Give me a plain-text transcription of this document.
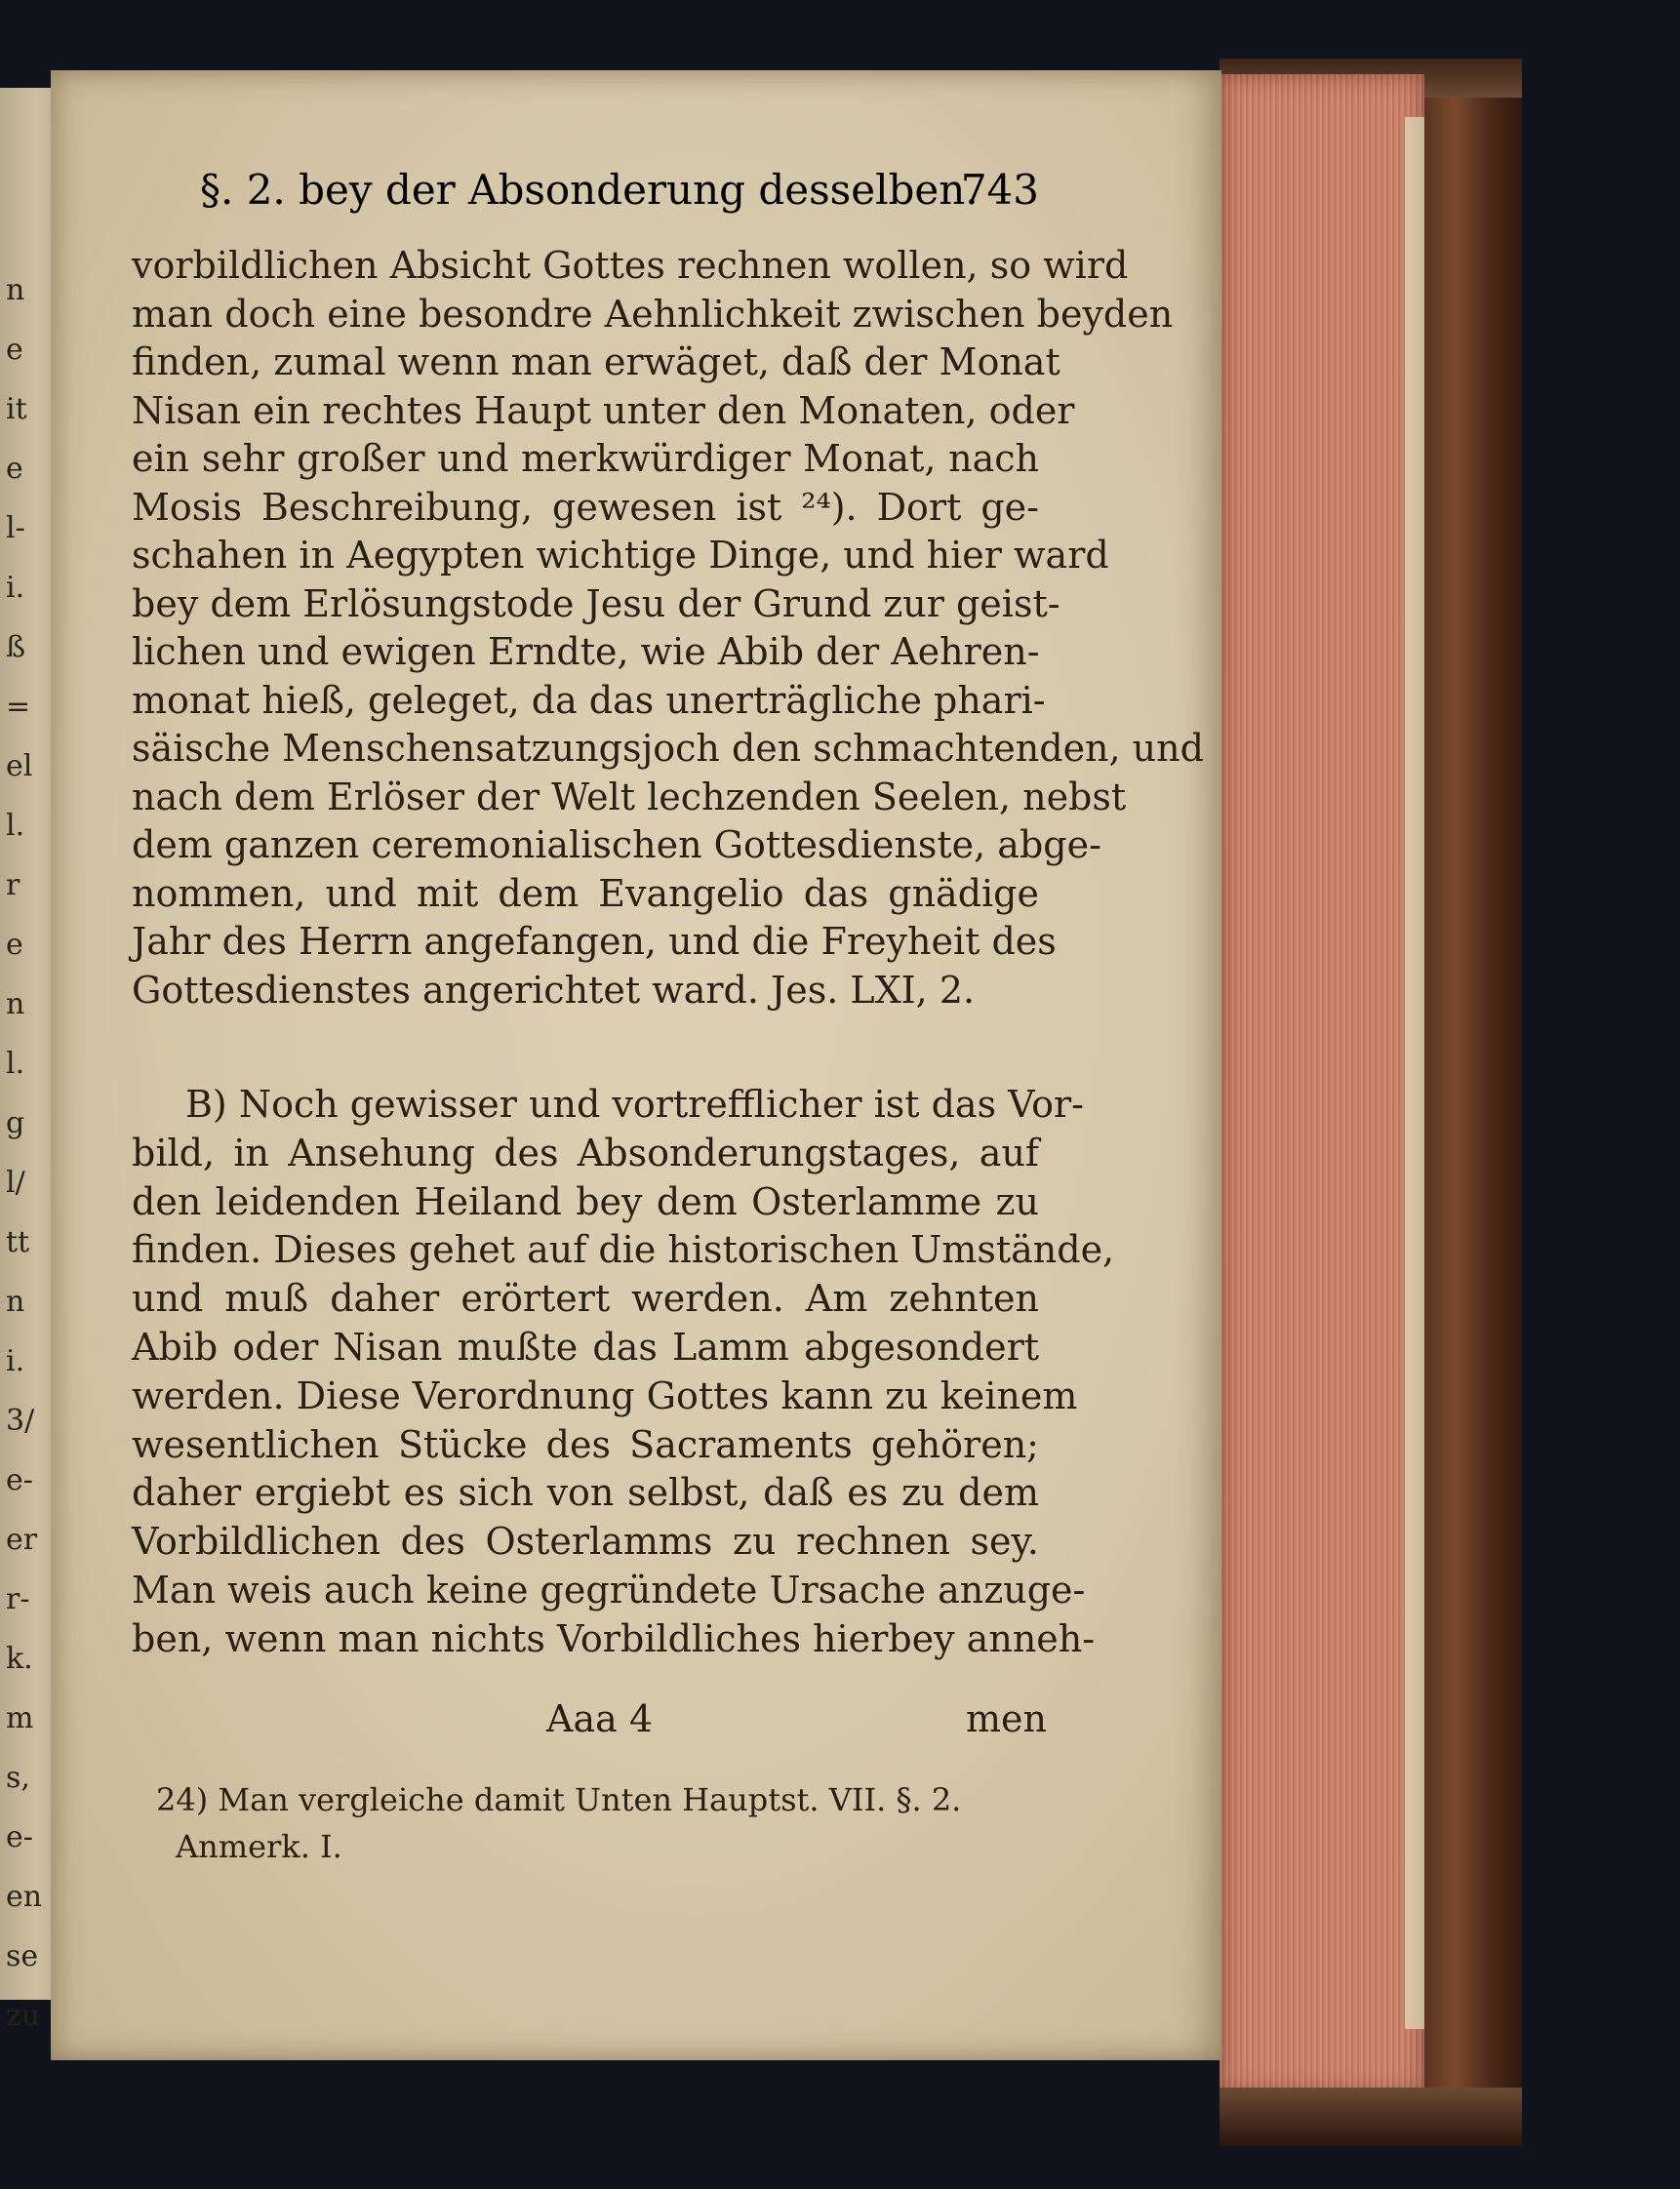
n
e
it
e
l-
i.
ß
=
el
l.
r
e
n
l.
g
l/
tt
n
i.
3/
e-
er
r-
k.
m
s,
e-
en
se
zu
§. 2. bey der Absonderung desselben.
743
vorbildlichen Absicht Gottes rechnen wollen, so wird
man doch eine besondre Aehnlichkeit zwischen beyden
finden, zumal wenn man erwäget, daß der Monat
Nisan ein rechtes Haupt unter den Monaten, oder
ein sehr großer und merkwürdiger Monat, nach
Mosis Beschreibung, gewesen ist ²⁴). Dort ge-
schahen in Aegypten wichtige Dinge, und hier ward
bey dem Erlösungstode Jesu der Grund zur geist-
lichen und ewigen Erndte, wie Abib der Aehren-
monat hieß, geleget, da das unerträgliche phari-
säische Menschensatzungsjoch den schmachtenden, und
nach dem Erlöser der Welt lechzenden Seelen, nebst
dem ganzen ceremonialischen Gottesdienste, abge-
nommen, und mit dem Evangelio das gnädige
Jahr des Herrn angefangen, und die Freyheit des
Gottesdienstes angerichtet ward. Jes. LXI, 2.
B) Noch gewisser und vortrefflicher ist das Vor-
bild, in Ansehung des Absonderungstages, auf
den leidenden Heiland bey dem Osterlamme zu
finden. Dieses gehet auf die historischen Umstände,
und muß daher erörtert werden. Am zehnten
Abib oder Nisan mußte das Lamm abgesondert
werden. Diese Verordnung Gottes kann zu keinem
wesentlichen Stücke des Sacraments gehören;
daher ergiebt es sich von selbst, daß es zu dem
Vorbildlichen des Osterlamms zu rechnen sey.
Man weis auch keine gegründete Ursache anzuge-
ben, wenn man nichts Vorbildliches hierbey anneh-
Aaa 4	men
24) Man vergleiche damit Unten Hauptst. VII. §. 2.
Anmerk. I.
